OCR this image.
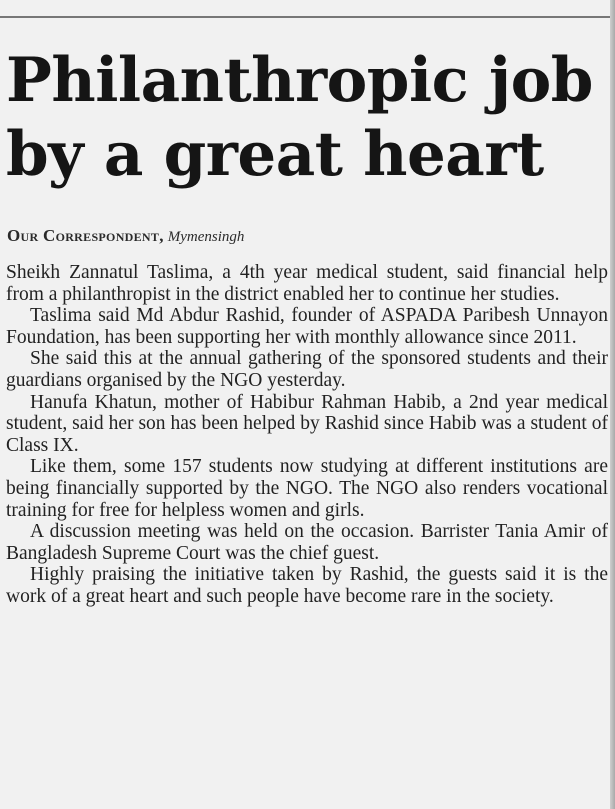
Philanthropic job
by a great heart
Our Correspondent, Mymensingh

Sheikh Zannatul Taslima, a 4th year medical student, said financial help from a philanthropist in the district enabled her to continue her studies.

Taslima said Md Abdur Rashid, founder of ASPADA Paribesh Unnayon Foundation, has been supporting her with monthly allowance since 2011.

She said this at the annual gathering of the sponsored students and their guardians organised by the NGO yesterday.

Hanufa Khatun, mother of Habibur Rahman Habib, a 2nd year medical student, said her son has been helped by Rashid since Habib was a student of Class IX.

Like them, some 157 students now studying at different institutions are being financially supported by the NGO. The NGO also renders vocational training for free for helpless women and girls.

A discussion meeting was held on the occasion. Barrister Tania Amir of Bangladesh Supreme Court was the chief guest.

Highly praising the initiative taken by Rashid, the guests said it is the work of a great heart and such people have become rare in the society.
